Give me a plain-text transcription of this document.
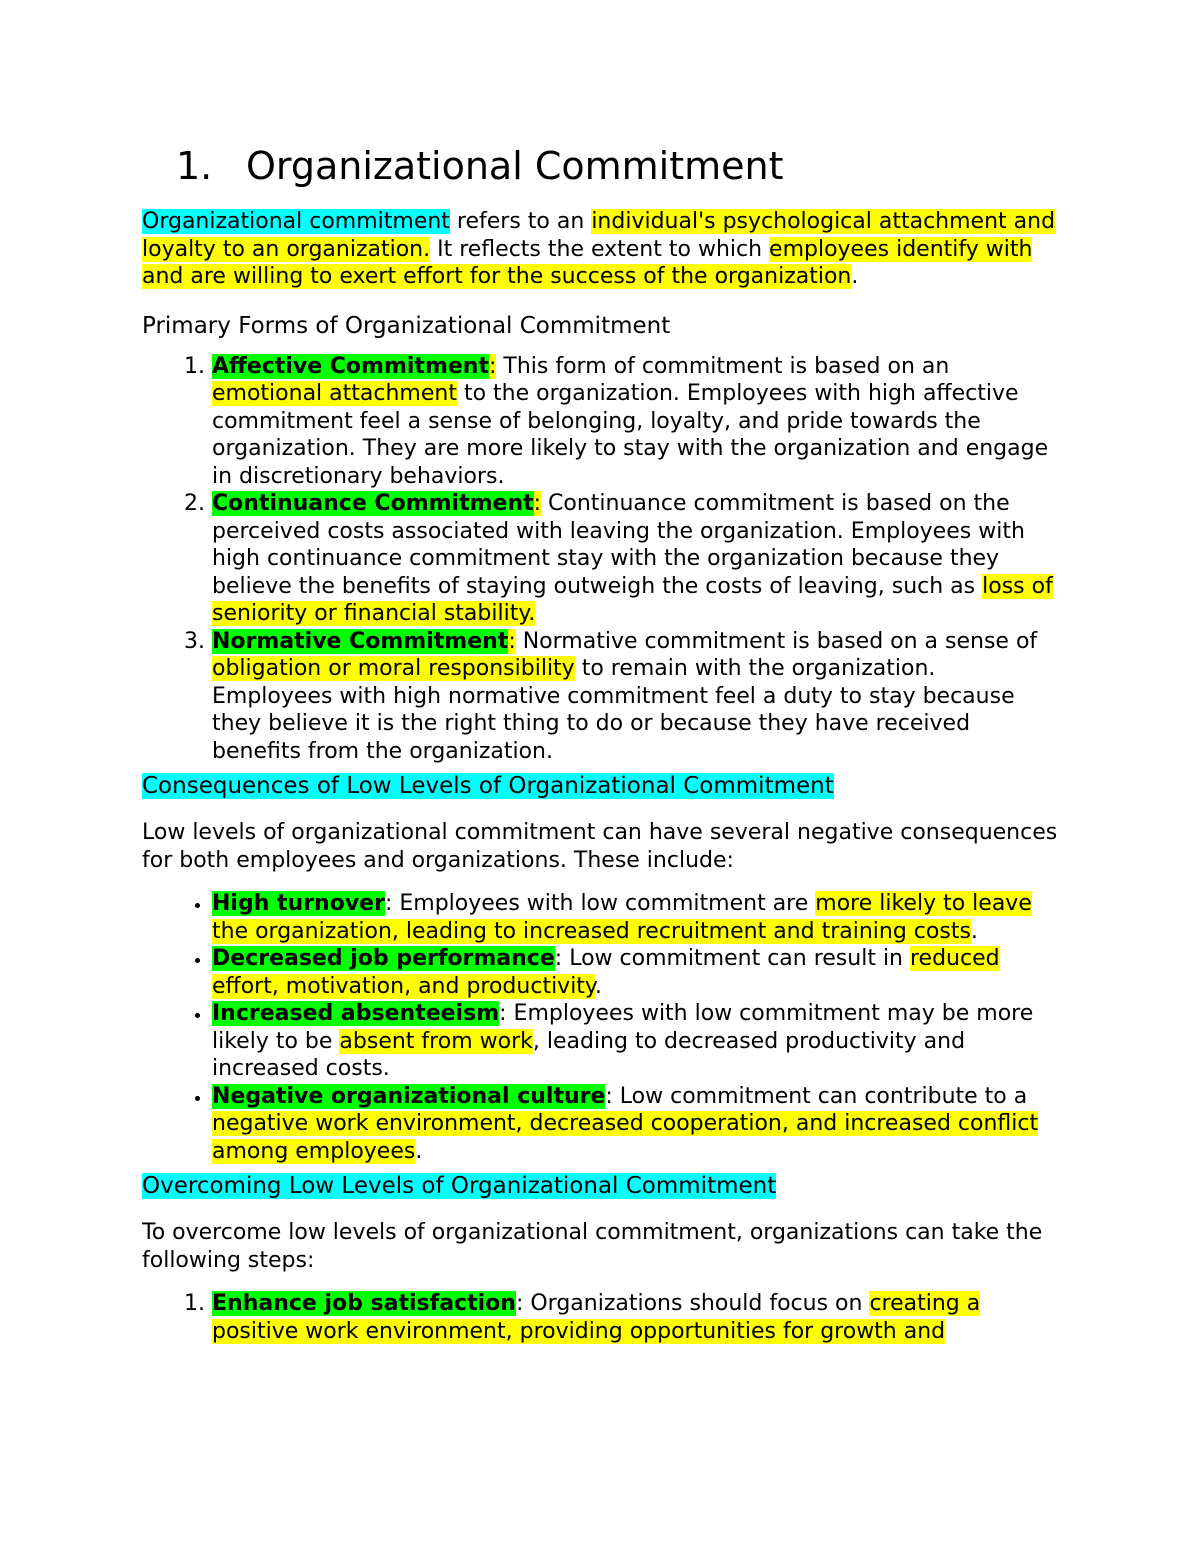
1. Organizational Commitment

Organizational commitment refers to an individual's psychological attachment and loyalty to an organization. It reflects the extent to which employees identify with and are willing to exert effort for the success of the organization.

Primary Forms of Organizational Commitment

1. Affective Commitment: This form of commitment is based on an emotional attachment to the organization. Employees with high affective commitment feel a sense of belonging, loyalty, and pride towards the organization. They are more likely to stay with the organization and engage in discretionary behaviors.
2. Continuance Commitment: Continuance commitment is based on the perceived costs associated with leaving the organization. Employees with high continuance commitment stay with the organization because they believe the benefits of staying outweigh the costs of leaving, such as loss of seniority or financial stability.
3. Normative Commitment: Normative commitment is based on a sense of obligation or moral responsibility to remain with the organization. Employees with high normative commitment feel a duty to stay because they believe it is the right thing to do or because they have received benefits from the organization.

Consequences of Low Levels of Organizational Commitment

Low levels of organizational commitment can have several negative consequences for both employees and organizations. These include:

• High turnover: Employees with low commitment are more likely to leave the organization, leading to increased recruitment and training costs.
• Decreased job performance: Low commitment can result in reduced effort, motivation, and productivity.
• Increased absenteeism: Employees with low commitment may be more likely to be absent from work, leading to decreased productivity and increased costs.
• Negative organizational culture: Low commitment can contribute to a negative work environment, decreased cooperation, and increased conflict among employees.

Overcoming Low Levels of Organizational Commitment

To overcome low levels of organizational commitment, organizations can take the following steps:

1. Enhance job satisfaction: Organizations should focus on creating a positive work environment, providing opportunities for growth and
